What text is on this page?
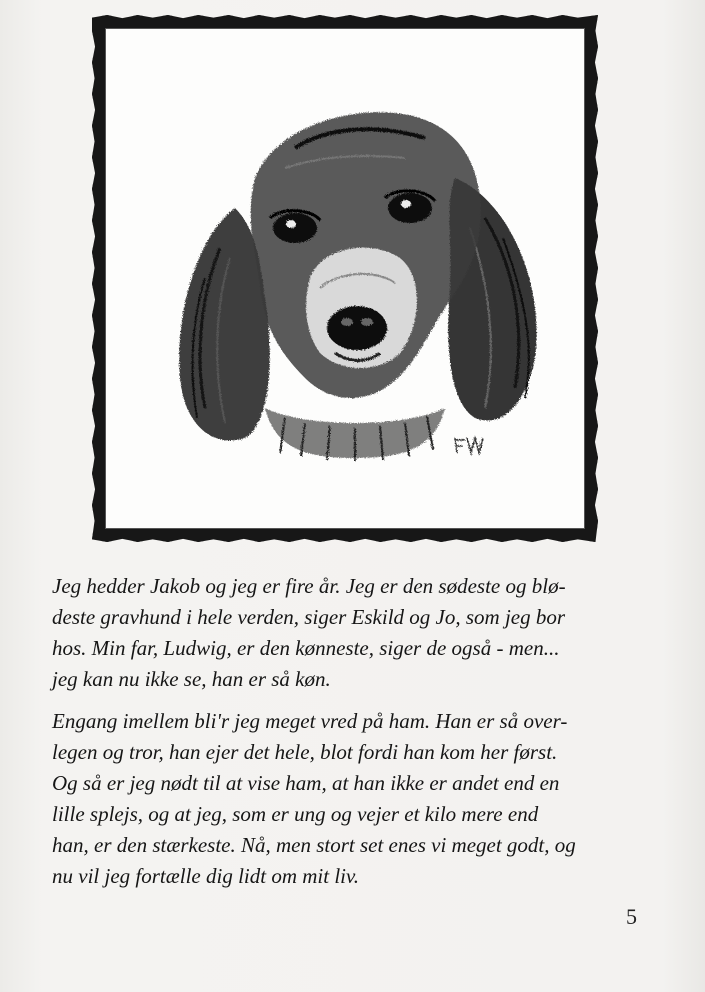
Jeg hedder Jakob og jeg er fire år. Jeg er den sødeste og blø-

deste gravhund i hele verden, siger Eskild og Jo, som jeg bor

hos. Min far, Ludwig, er den kønneste, siger de også - men...

jeg kan nu ikke se, han er så køn.

Engang imellem bli'r jeg meget vred på ham. Han er så over-

legen og tror, han ejer det hele, blot fordi han kom her først.

Og så er jeg nødt til at vise ham, at han ikke er andet end en

lille splejs, og at jeg, som er ung og vejer et kilo mere end

han, er den stærkeste. Nå, men stort set enes vi meget godt, og

nu vil jeg fortælle dig lidt om mit liv.

5
